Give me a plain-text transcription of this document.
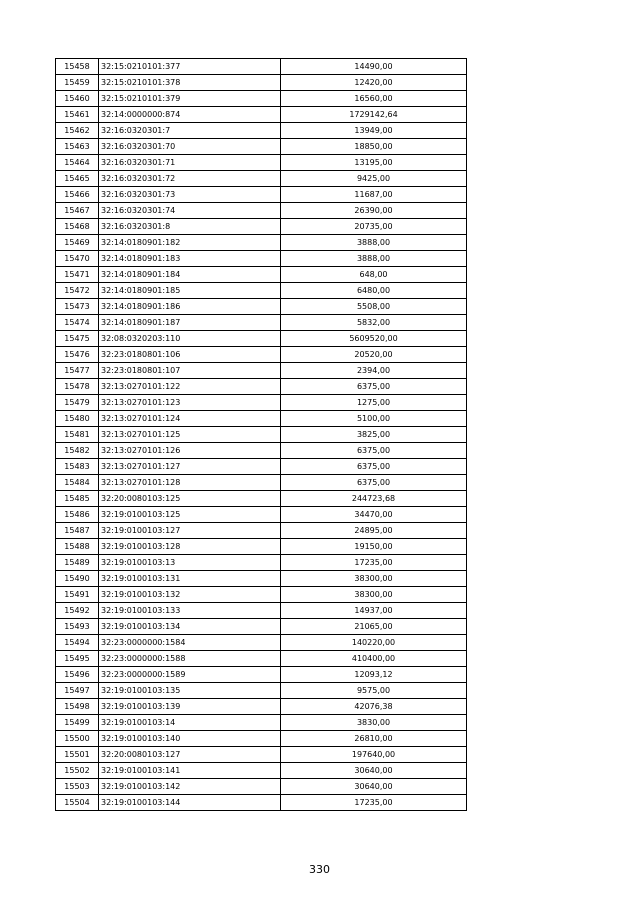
15458	32:15:0210101:377	14490,00
15459	32:15:0210101:378	12420,00
15460	32:15:0210101:379	16560,00
15461	32:14:0000000:874	1729142,64
15462	32:16:0320301:7	13949,00
15463	32:16:0320301:70	18850,00
15464	32:16:0320301:71	13195,00
15465	32:16:0320301:72	9425,00
15466	32:16:0320301:73	11687,00
15467	32:16:0320301:74	26390,00
15468	32:16:0320301:8	20735,00
15469	32:14:0180901:182	3888,00
15470	32:14:0180901:183	3888,00
15471	32:14:0180901:184	648,00
15472	32:14:0180901:185	6480,00
15473	32:14:0180901:186	5508,00
15474	32:14:0180901:187	5832,00
15475	32:08:0320203:110	5609520,00
15476	32:23:0180801:106	20520,00
15477	32:23:0180801:107	2394,00
15478	32:13:0270101:122	6375,00
15479	32:13:0270101:123	1275,00
15480	32:13:0270101:124	5100,00
15481	32:13:0270101:125	3825,00
15482	32:13:0270101:126	6375,00
15483	32:13:0270101:127	6375,00
15484	32:13:0270101:128	6375,00
15485	32:20:0080103:125	244723,68
15486	32:19:0100103:125	34470,00
15487	32:19:0100103:127	24895,00
15488	32:19:0100103:128	19150,00
15489	32:19:0100103:13	17235,00
15490	32:19:0100103:131	38300,00
15491	32:19:0100103:132	38300,00
15492	32:19:0100103:133	14937,00
15493	32:19:0100103:134	21065,00
15494	32:23:0000000:1584	140220,00
15495	32:23:0000000:1588	410400,00
15496	32:23:0000000:1589	12093,12
15497	32:19:0100103:135	9575,00
15498	32:19:0100103:139	42076,38
15499	32:19:0100103:14	3830,00
15500	32:19:0100103:140	26810,00
15501	32:20:0080103:127	197640,00
15502	32:19:0100103:141	30640,00
15503	32:19:0100103:142	30640,00
15504	32:19:0100103:144	17235,00
330
